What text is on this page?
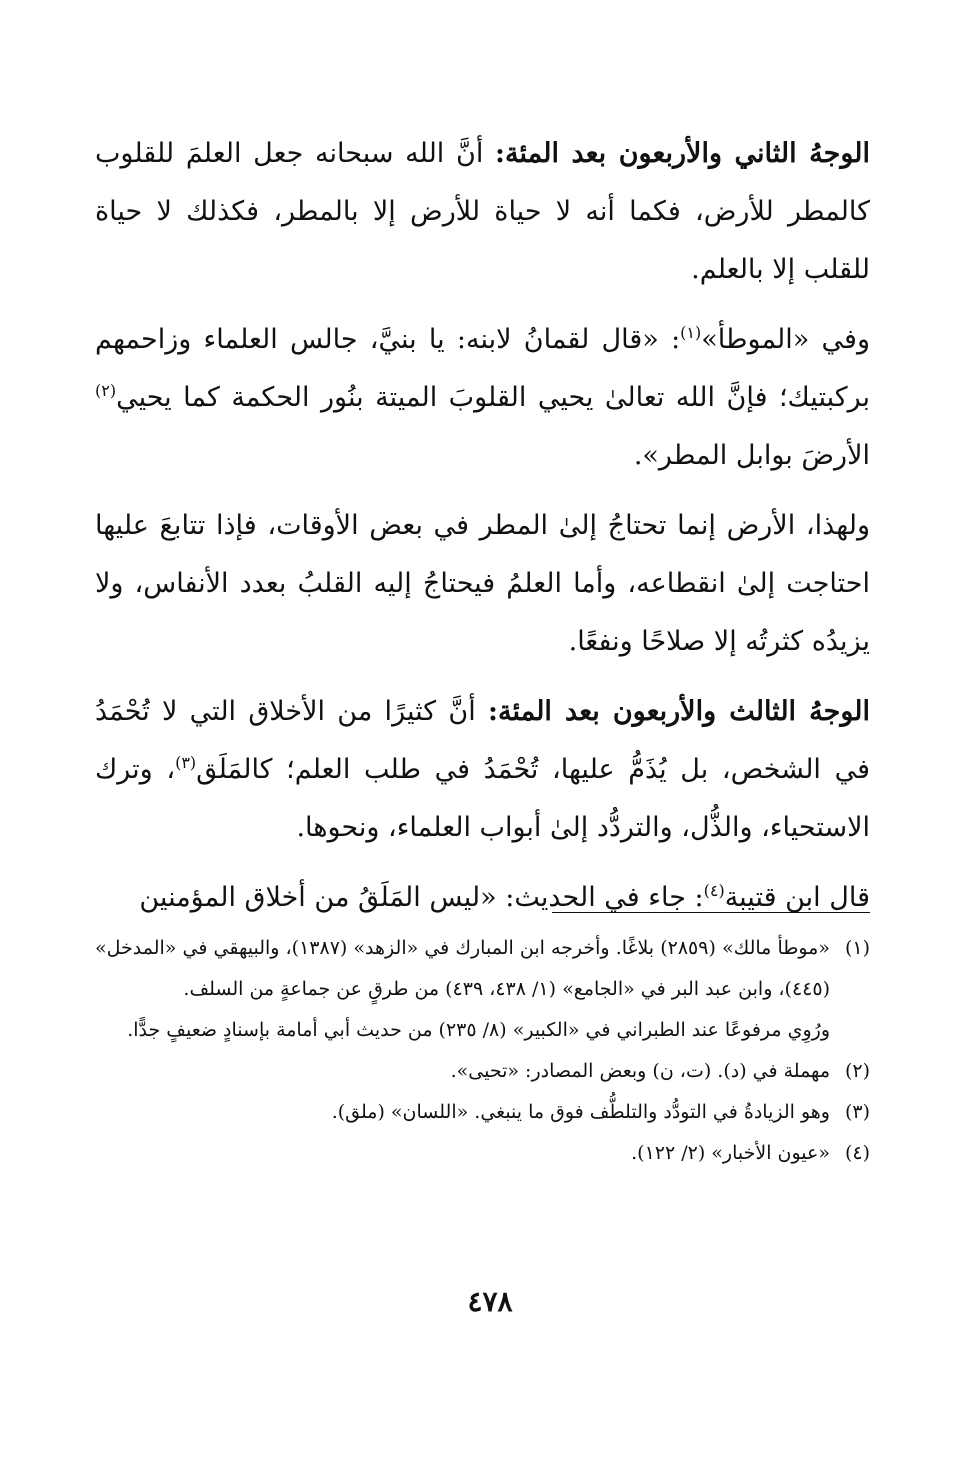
الوجهُ الثاني والأربعون بعد المئة: أنَّ الله سبحانه جعل العلمَ للقلوب كالمطر للأرض، فكما أنه لا حياة للأرض إلا بالمطر، فكذلك لا حياة للقلب إلا بالعلم.

وفي «الموطأ»$^{(١)}$: «قال لقمانُ لابنه: يا بنيَّ، جالس العلماء وزاحمهم بركبتيك؛ فإنَّ الله تعالىٰ يحيي القلوبَ الميتة بنُور الحكمة كما يحيي$^{(٢)}$ الأرضَ بوابل المطر».

ولهذا، الأرض إنما تحتاجُ إلىٰ المطر في بعض الأوقات، فإذا تتابعَ عليها احتاجت إلىٰ انقطاعه، وأما العلمُ فيحتاجُ إليه القلبُ بعدد الأنفاس، ولا يزيدُه كثرتُه إلا صلاحًا ونفعًا.

الوجهُ الثالث والأربعون بعد المئة: أنَّ كثيرًا من الأخلاق التي لا تُحْمَدُ في الشخص، بل يُذَمُّ عليها، تُحْمَدُ في طلب العلم؛ كالمَلَق$^{(٣)}$، وترك الاستحياء، والذُّل، والتردُّد إلىٰ أبواب العلماء، ونحوها.

قال ابن قتيبة$^{(٤)}$: جاء في الحديث: «ليس المَلَقُ من أخلاق المؤمنين

(١)
«موطأ مالك» (٢٨٥٩) بلاغًا. وأخرجه ابن المبارك في «الزهد» (١٣٨٧)، والبيهقي في «المدخل» (٤٤٥)، وابن عبد البر في «الجامع» (١/ ٤٣٨، ٤٣٩) من طرقٍ عن جماعةٍ من السلف.
ورُوِي مرفوعًا عند الطبراني في «الكبير» (٨/ ٢٣٥) من حديث أبي أمامة بإسنادٍ ضعيفٍ جدًّا.
(٢)
مهملة في (د). (ت، ن) وبعض المصادر: «تحيى».
(٣)
وهو الزيادةُ في التودُّد والتلطُّف فوق ما ينبغي. «اللسان» (ملق).
(٤)
«عيون الأخبار» (٢/ ١٢٢).
٤٧٨
